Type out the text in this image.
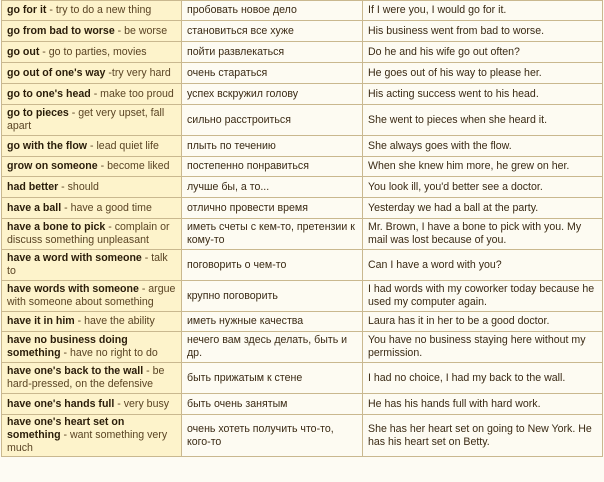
go for it - try to do a new thing	пробовать новое дело	If I were you, I would go for it.
go from bad to worse - be worse	становиться все хуже	His business went from bad to worse.
go out - go to parties, movies	пойти развлекаться	Do he and his wife go out often?
go out of one's way -try very hard	очень стараться	He goes out of his way to please her.
go to one's head - make too proud	успех вскружил голову	His acting success went to his head.
go to pieces - get very upset, fall apart	сильно расстроиться	She went to pieces when she heard it.
go with the flow - lead quiet life	плыть по течению	She always goes with the flow.
grow on someone - become liked	постепенно понравиться	When she knew him more, he grew on her.
had better - should	лучше бы, а то...	You look ill, you'd better see a doctor.
have a ball - have a good time	отлично провести время	Yesterday we had a ball at the party.
have a bone to pick - complain or discuss something unpleasant	иметь счеты с кем-то, претензии к кому-то	Mr. Brown, I have a bone to pick with you. My mail was lost because of you.
have a word with someone - talk to	поговорить о чем-то	Can I have a word with you?
have words with someone - argue with someone about something	крупно поговорить	I had words with my coworker today because he used my computer again.
have it in him - have the ability	иметь нужные качества	Laura has it in her to be a good doctor.
have no business doing something - have no right to do	нечего вам здесь делать, быть и др.	You have no business staying here without my permission.
have one's back to the wall - be hard-pressed, on the defensive	быть прижатым к стене	I had no choice, I had my back to the wall.
have one's hands full - very busy	быть очень занятым	He has his hands full with hard work.
have one's heart set on something - want something very much	очень хотеть получить что-то, кого-то	She has her heart set on going to New York. He has his heart set on Betty.
